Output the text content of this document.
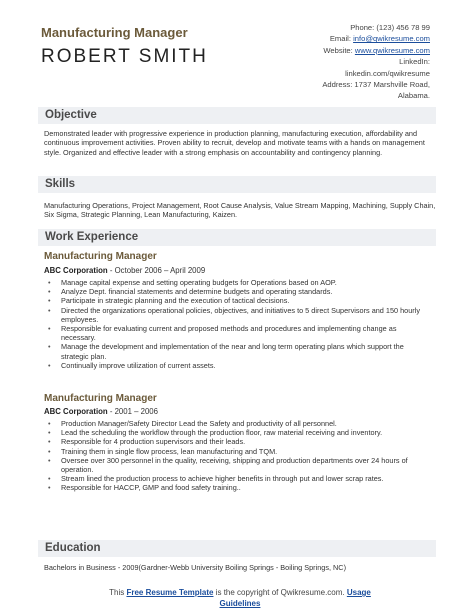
Manufacturing Manager
ROBERT SMITH
Phone: (123) 456 78 99
Email: info@qwikresume.com
Website: www.qwikresume.com
LinkedIn:
linkedin.com/qwikresume
Address: 1737 Marshville Road,
Alabama.
Objective
Demonstrated leader with progressive experience in production planning, manufacturing execution, affordability and continuous improvement activities. Proven ability to recruit, develop and motivate teams with a hands on management style. Organized and effective leader with a strong emphasis on accountability and contingency planning.
Skills
Manufacturing Operations, Project Management, Root Cause Analysis, Value Stream Mapping, Machining, Supply Chain, Six Sigma, Strategic Planning, Lean Manufacturing, Kaizen.
Work Experience
Manufacturing Manager
ABC Corporation - October 2006 – April 2009
• Manage capital expense and setting operating budgets for Operations based on AOP.
• Analyze Dept. financial statements and determine budgets and operating standards.
• Participate in strategic planning and the execution of tactical decisions.
• Directed the organizations operational policies, objectives, and initiatives to 5 direct Supervisors and 150 hourly employees.
• Responsible for evaluating current and proposed methods and procedures and implementing change as necessary.
• Manage the development and implementation of the near and long term operating plans which support the strategic plan.
• Continually improve utilization of current assets.
Manufacturing Manager
ABC Corporation - 2001 – 2006
• Production Manager/Safety Director Lead the Safety and productivity of all personnel.
• Lead the scheduling the workflow through the production floor, raw material receiving and inventory.
• Responsible for 4 production supervisors and their leads.
• Training them in single flow process, lean manufacturing and TQM.
• Oversee over 300 personnel in the quality, receiving, shipping and production departments over 24 hours of operation.
• Stream lined the production process to achieve higher benefits in through put and lower scrap rates.
• Responsible for HACCP, GMP and food safety training..
Education
Bachelors in Business - 2009(Gardner-Webb University Boiling Springs - Boiling Springs, NC)
This Free Resume Template is the copyright of Qwikresume.com. Usage
Guidelines
